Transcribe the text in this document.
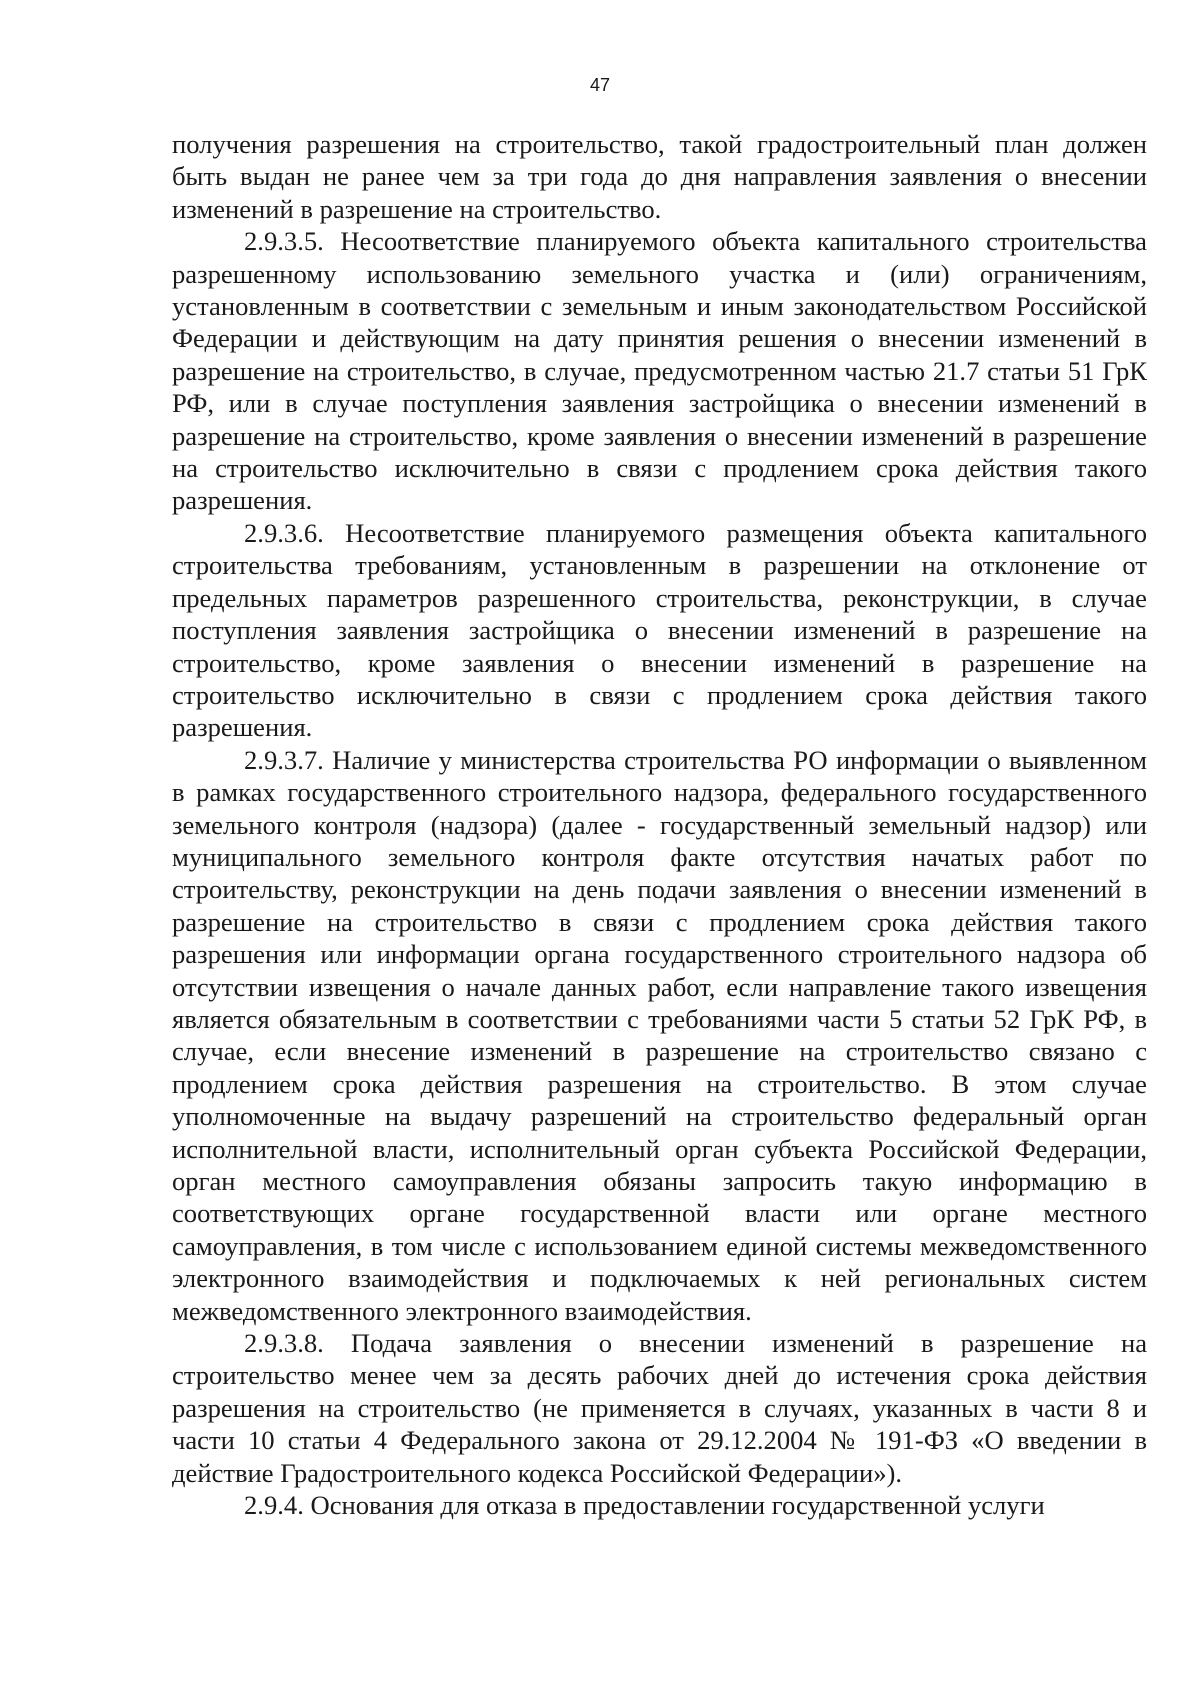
47

получения разрешения на строительство, такой градостроительный план должен быть выдан не ранее чем за три года до дня направления заявления о внесении изменений в разрешение на строительство.

2.9.3.5. Несоответствие планируемого объекта капитального строительства разрешенному использованию земельного участка и (или) ограничениям, установленным в соответствии с земельным и иным законодательством Российской Федерации и действующим на дату принятия решения о внесении изменений в разрешение на строительство, в случае, предусмотренном частью 21.7 статьи 51 ГрК РФ, или в случае поступления заявления застройщика о внесении изменений в разрешение на строительство, кроме заявления о внесении изменений в разрешение на строительство исключительно в связи с продлением срока действия такого разрешения.

2.9.3.6. Несоответствие планируемого размещения объекта капитального строительства требованиям, установленным в разрешении на отклонение от предельных параметров разрешенного строительства, реконструкции, в случае поступления заявления застройщика о внесении изменений в разрешение на строительство, кроме заявления о внесении изменений в разрешение на строительство исключительно в связи с продлением срока действия такого разрешения.

2.9.3.7. Наличие у министерства строительства РО информации о выявленном в рамках государственного строительного надзора, федерального государственного земельного контроля (надзора) (далее - государственный земельный надзор) или муниципального земельного контроля факте отсутствия начатых работ по строительству, реконструкции на день подачи заявления о внесении изменений в разрешение на строительство в связи с продлением срока действия такого разрешения или информации органа государственного строительного надзора об отсутствии извещения о начале данных работ, если направление такого извещения является обязательным в соответствии с требованиями части 5 статьи 52 ГрК РФ, в случае, если внесение изменений в разрешение на строительство связано с продлением срока действия разрешения на строительство. В этом случае уполномоченные на выдачу разрешений на строительство федеральный орган исполнительной власти, исполнительный орган субъекта Российской Федерации, орган местного самоуправления обязаны запросить такую информацию в соответствующих органе государственной власти или органе местного самоуправления, в том числе с использованием единой системы межведомственного электронного взаимодействия и подключаемых к ней региональных систем межведомственного электронного взаимодействия.

2.9.3.8. Подача заявления о внесении изменений в разрешение на строительство менее чем за десять рабочих дней до истечения срока действия разрешения на строительство (не применяется в случаях, указанных в части 8 и части 10 статьи 4 Федерального закона от 29.12.2004 № 191-ФЗ «О введении в действие Градостроительного кодекса Российской Федерации»).

2.9.4. Основания для отказа в предоставлении государственной услуги
